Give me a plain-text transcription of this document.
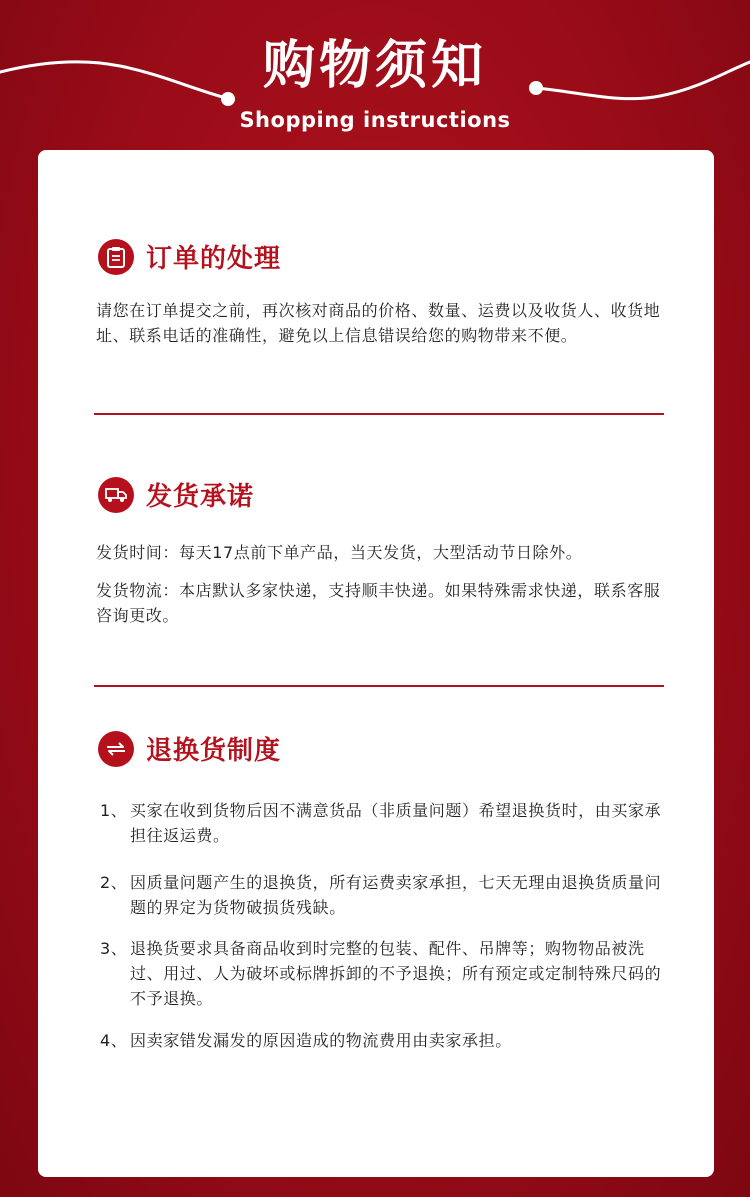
购物须知
Shopping instructions
订单的处理
请您在订单提交之前，再次核对商品的价格、数量、运费以及收货人、收货地址、联系电话的准确性，避免以上信息错误给您的购物带来不便。
发货承诺
发货时间：每天17点前下单产品，当天发货，大型活动节日除外。
发货物流：本店默认多家快递，支持顺丰快递。如果特殊需求快递，联系客服咨询更改。
退换货制度
1、 买家在收到货物后因不满意货品（非质量问题）希望退换货时，由买家承担往返运费。
2、 因质量问题产生的退换货，所有运费卖家承担，七天无理由退换货质量问题的界定为货物破损货残缺。
3、 退换货要求具备商品收到时完整的包装、配件、吊牌等；购物物品被洗过、用过、人为破坏或标牌拆卸的不予退换；所有预定或定制特殊尺码的不予退换。
4、 因卖家错发漏发的原因造成的物流费用由卖家承担。
